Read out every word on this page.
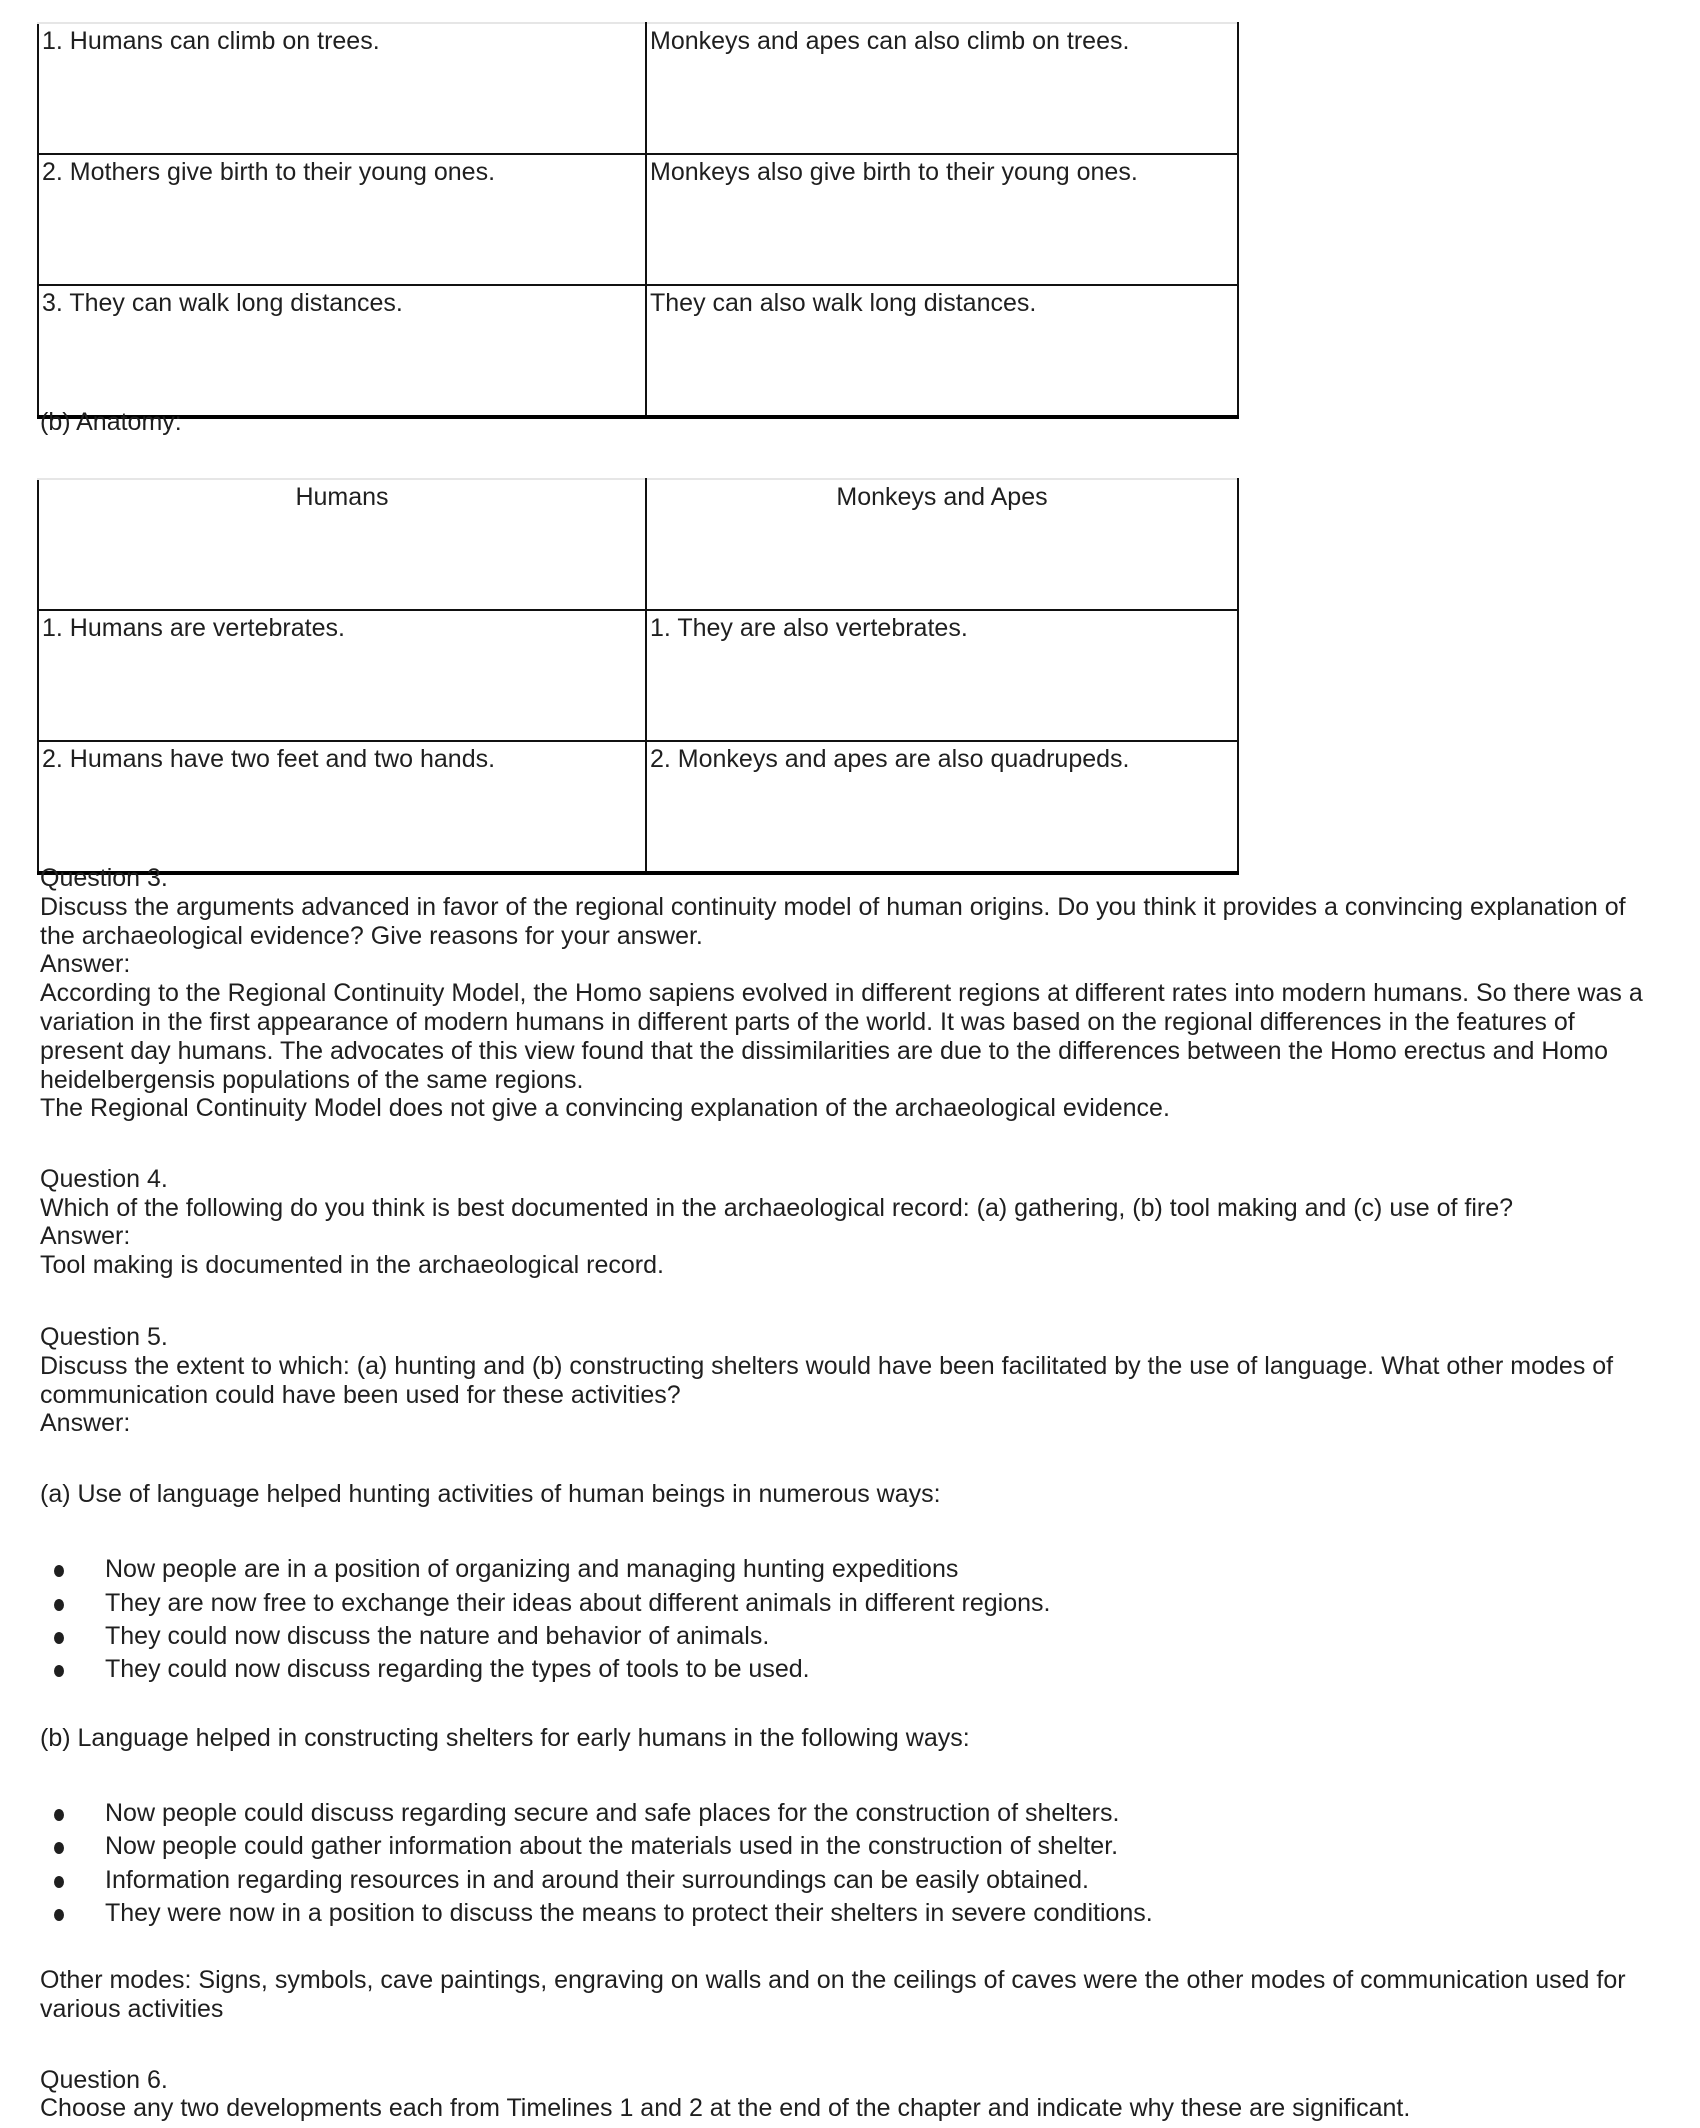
1. Humans can climb on trees.	Monkeys and apes can also climb on trees.
2. Mothers give birth to their young ones.	Monkeys also give birth to their young ones.
3. They can walk long distances.	They can also walk long distances.
(b) Anatomy:
Humans	Monkeys and Apes
1. Humans are vertebrates.	1. They are also vertebrates.
2. Humans have two feet and two hands.	2. Monkeys and apes are also quadrupeds.
Question 3.
Discuss the arguments advanced in favor of the regional continuity model of human origins. Do you think it provides a convincing explanation of
the archaeological evidence? Give reasons for your answer.
Answer:
According to the Regional Continuity Model, the Homo sapiens evolved in different regions at different rates into modern humans. So there was a
variation in the first appearance of modern humans in different parts of the world. It was based on the regional differences in the features of
present day humans. The advocates of this view found that the dissimilarities are due to the differences between the Homo erectus and Homo
heidelbergensis populations of the same regions.
The Regional Continuity Model does not give a convincing explanation of the archaeological evidence.
Question 4.
Which of the following do you think is best documented in the archaeological record: (a) gathering, (b) tool making and (c) use of fire?
Answer:
Tool making is documented in the archaeological record.
Question 5.
Discuss the extent to which: (a) hunting and (b) constructing shelters would have been facilitated by the use of language. What other modes of
communication could have been used for these activities?
Answer:
(a) Use of language helped hunting activities of human beings in numerous ways:
Now people are in a position of organizing and managing hunting expeditions
They are now free to exchange their ideas about different animals in different regions.
They could now discuss the nature and behavior of animals.
They could now discuss regarding the types of tools to be used.
(b) Language helped in constructing shelters for early humans in the following ways:
Now people could discuss regarding secure and safe places for the construction of shelters.
Now people could gather information about the materials used in the construction of shelter.
Information regarding resources in and around their surroundings can be easily obtained.
They were now in a position to discuss the means to protect their shelters in severe conditions.
Other modes: Signs, symbols, cave paintings, engraving on walls and on the ceilings of caves were the other modes of communication used for
various activities
Question 6.
Choose any two developments each from Timelines 1 and 2 at the end of the chapter and indicate why these are significant.
